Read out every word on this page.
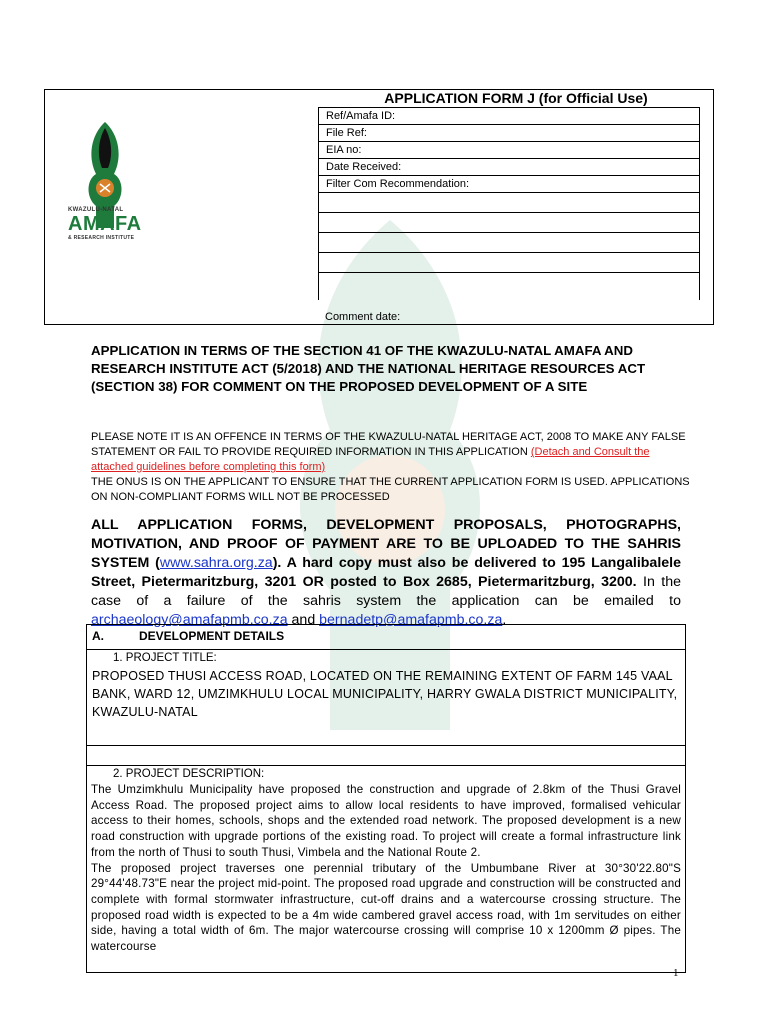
KWAZULU-NATAL
AMAFA
& RESEARCH INSTITUTE
APPLICATION FORM J (for Official Use)
Ref/Amafa ID:
File Ref:
EIA no:
Date Received:
Filter Com Recommendation:
Comment date:
APPLICATION IN TERMS OF THE SECTION 41 OF THE KWAZULU-NATAL AMAFA AND RESEARCH INSTITUTE ACT (5/2018) AND THE NATIONAL HERITAGE RESOURCES ACT (SECTION 38) FOR COMMENT ON THE PROPOSED DEVELOPMENT OF A SITE
PLEASE NOTE IT IS AN OFFENCE IN TERMS OF THE KWAZULU-NATAL HERITAGE ACT, 2008 TO MAKE ANY FALSE STATEMENT OR FAIL TO PROVIDE REQUIRED INFORMATION IN THIS APPLICATION (Detach and Consult the attached guidelines before completing this form)
THE ONUS IS ON THE APPLICANT TO ENSURE THAT THE CURRENT APPLICATION FORM IS USED. APPLICATIONS ON NON-COMPLIANT FORMS WILL NOT BE PROCESSED
ALL APPLICATION FORMS, DEVELOPMENT PROPOSALS, PHOTOGRAPHS, MOTIVATION, AND PROOF OF PAYMENT ARE TO BE UPLOADED TO THE SAHRIS SYSTEM (www.sahra.org.za). A hard copy must also be delivered to 195 Langalibalele Street, Pietermaritzburg, 3201 OR posted to Box 2685, Pietermaritzburg, 3200. In the case of a failure of the sahris system the application can be emailed to archaeology@amafapmb.co.za and bernadetp@amafapmb.co.za.
A.	DEVELOPMENT DETAILS
1. PROJECT TITLE:
PROPOSED THUSI ACCESS ROAD, LOCATED ON THE REMAINING EXTENT OF FARM 145 VAAL BANK, WARD 12, UMZIMKHULU LOCAL MUNICIPALITY, HARRY GWALA DISTRICT MUNICIPALITY, KWAZULU-NATAL
2. PROJECT DESCRIPTION:
The Umzimkhulu Municipality have proposed the construction and upgrade of 2.8km of the Thusi Gravel Access Road. The proposed project aims to allow local residents to have improved, formalised vehicular access to their homes, schools, shops and the extended road network. The proposed development is a new road construction with upgrade portions of the existing road. To project will create a formal infrastructure link from the north of Thusi to south Thusi, Vimbela and the National Route 2.
The proposed project traverses one perennial tributary of the Umbumbane River at 30°30'22.80"S 29°44'48.73"E near the project mid-point. The proposed road upgrade and construction will be constructed and complete with formal stormwater infrastructure, cut-off drains and a watercourse crossing structure. The proposed road width is expected to be a 4m wide cambered gravel access road, with 1m servitudes on either side, having a total width of 6m. The major watercourse crossing will comprise 10 x 1200mm Ø pipes. The watercourse
1
